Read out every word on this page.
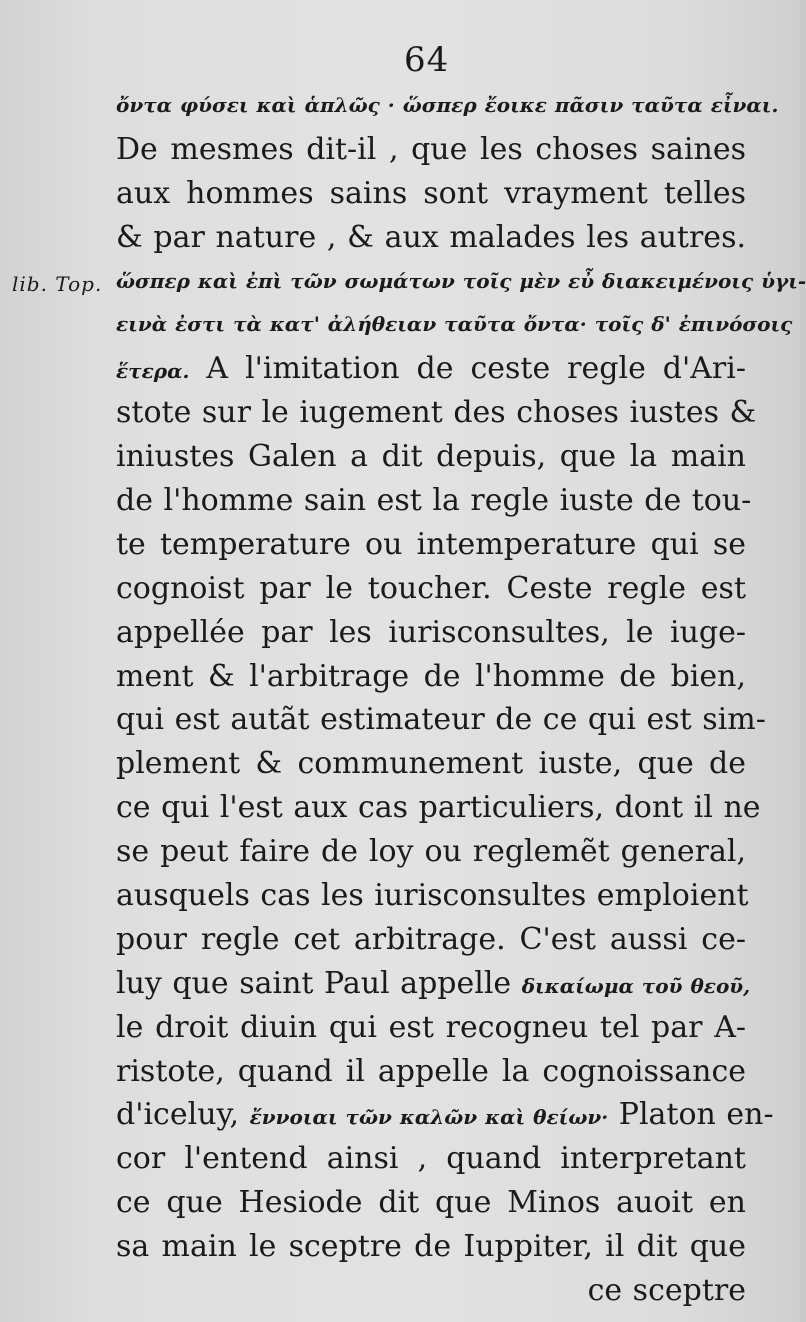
64
lib. Top.
ὄντα φύσει καὶ ἁπλῶς · ὥσπερ ἔοικε πᾶσιν ταῦτα εἶναι.
De mesmes dit-il , que les choses saines
aux hommes sains sont vrayment telles
& par nature , & aux malades les autres.
ὥσπερ καὶ ἐπὶ τῶν σωμάτων τοῖς μὲν εὖ διακειμένοις ὑγι-
εινὰ ἐστι τὰ κατ' ἀλήθειαν ταῦτα ὄντα· τοῖς δ' ἐπινόσοις
ἕτερα. A l'imitation de ceste regle d'Ari-
stote sur le iugement des choses iustes &
iniustes Galen a dit depuis, que la main
de l'homme sain est la regle iuste de tou-
te temperature ou intemperature qui se
cognoist par le toucher. Ceste regle est
appellée par les iurisconsultes, le iuge-
ment & l'arbitrage de l'homme de bien,
qui est autãt estimateur de ce qui est sim-
plement & communement iuste, que de
ce qui l'est aux cas particuliers, dont il ne
se peut faire de loy ou reglemẽt general,
ausquels cas les iurisconsultes emploient
pour regle cet arbitrage. C'est aussi ce-
luy que saint Paul appelle δικαίωμα τοῦ θεοῦ,
le droit diuin qui est recogneu tel par A-
ristote, quand il appelle la cognoissance
d'iceluy, ἔννοιαι τῶν καλῶν καὶ θείων· Platon en-
cor l'entend ainsi , quand interpretant
ce que Hesiode dit que Minos auoit en
sa main le sceptre de Iuppiter, il dit que
ce sceptre
